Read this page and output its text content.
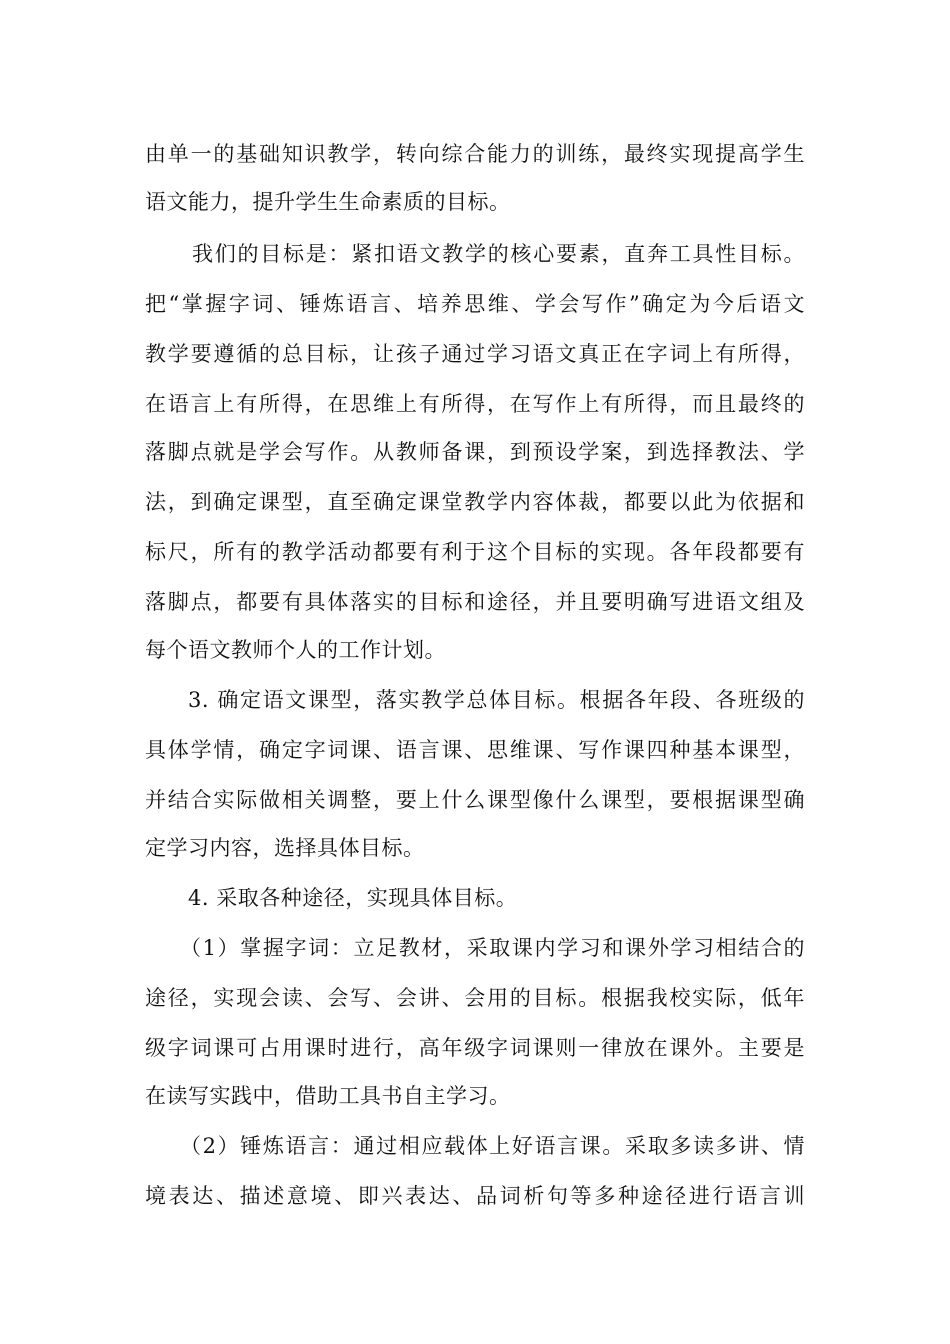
由单一的基础知识教学，转向综合能力的训练，最终实现提高学生
语文能力，提升学生生命素质的目标。
我们的目标是：紧扣语文教学的核心要素，直奔工具性目标。
把“掌握字词、锤炼语言、培养思维、学会写作”确定为今后语文
教学要遵循的总目标，让孩子通过学习语文真正在字词上有所得，
在语言上有所得，在思维上有所得，在写作上有所得，而且最终的
落脚点就是学会写作。从教师备课，到预设学案，到选择教法、学
法，到确定课型，直至确定课堂教学内容体裁，都要以此为依据和
标尺，所有的教学活动都要有利于这个目标的实现。各年段都要有
落脚点，都要有具体落实的目标和途径，并且要明确写进语文组及
每个语文教师个人的工作计划。
3. 确定语文课型，落实教学总体目标。根据各年段、各班级的
具体学情，确定字词课、语言课、思维课、写作课四种基本课型，
并结合实际做相关调整，要上什么课型像什么课型，要根据课型确
定学习内容，选择具体目标。
4. 采取各种途径，实现具体目标。
（1）掌握字词：立足教材，采取课内学习和课外学习相结合的
途径，实现会读、会写、会讲、会用的目标。根据我校实际，低年
级字词课可占用课时进行，高年级字词课则一律放在课外。主要是
在读写实践中，借助工具书自主学习。
（2）锤炼语言：通过相应载体上好语言课。采取多读多讲、情
境表达、描述意境、即兴表达、品词析句等多种途径进行语言训
